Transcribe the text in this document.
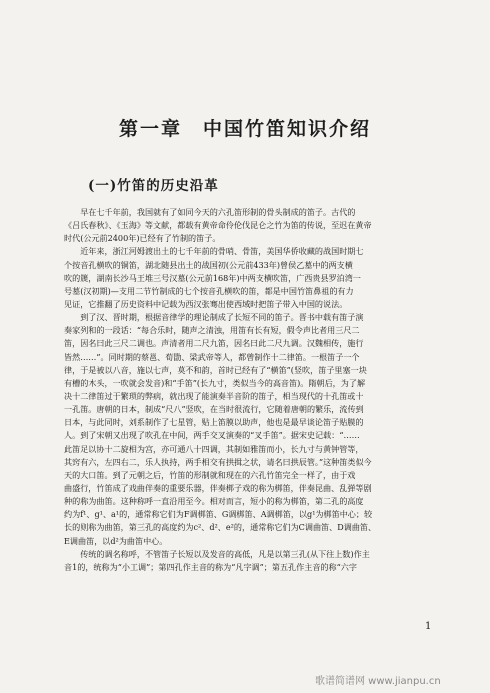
第一章　中国竹笛知识介绍
(一)竹笛的历史沿革
　　早在七千年前，我国就有了如同今天的六孔笛形制的骨头制成的笛子。古代的
《吕氏春秋》、《玉海》等文献，都载有黄帝命伶伦伐昆仑之竹为笛的传说，至迟在黄帝
时代(公元前2400年)已经有了竹制的笛子。
　　近年来，浙江河姆渡出土的七千年前的骨哨、骨笛，美国华侨收藏的战国时期七
个按音孔横吹的铜笛，湖北随县出土的战国初(公元前433年)曾侯乙墓中的两支横
吹的篪，湖南长沙马王堆三号汉墓(公元前168年)中两支横吹笛，广西贵县罗泊湾一
号墓(汉初期)—支用二节竹制成的七个按音孔横吹的笛，都是中国竹笛鼻祖的有力
见证，它推翻了历史资料中记载为西汉张骞出使西域时把笛子带入中国的说法。
　　到了汉、晋时期，根据音律学的理论制成了长短不同的笛子。晋书中载有笛子演
奏家列和的一段话：“每合乐时，随声之清浊，用笛有长有短，假令声比者用三尺二
笛，因名曰此三尺二调也。声清者用二尺九笛，因名曰此二尺九调。汉魏相传，施行
皆然……”。同时期的蔡邕、荀勖、梁武帝等人，都曾制作十二律笛。一根笛子一个
律，于是被以八音，施以七声，莫不和韵，首时已经有了“横笛”(竖吹，笛子里塞一块
有槽的木头，一吹就会发音)和“手笛”(长九寸，类似当今的高音笛)。隋朝后，为了解
决十二律笛过于繁琐的弊病，就出现了能演奏半音阶的笛子，相当现代的十孔笛或十
一孔笛。唐朝的日本，制成“尺八”竖吹，在当时很流行，它随着唐朝的繁乐，流传到
日本，与此同时，刘系制作了七星管，贴上笛膜以助声，他也是最早谈论笛子贴膜的
人。到了宋朝又出现了吹孔在中间，两手交叉演奏的“叉手笛”。据宋史记载：“……
此笛足以协十二旋相为宫，亦可通八十四调，其制如雅笛而小，长九寸与黄钟管等，
其窍有六，左四右二，乐人执持，两手相交有拱揖之状，请名曰拱辰管。”这种笛类似今
天的大口笛。到了元朝之后，竹笛的形制就和现在的六孔竹笛完全一样了，由于戏
曲盛行，竹笛成了戏曲伴奏的重要乐器，伴奏梆子戏的称为梆笛，伴奏昆曲、乱弹等剧
种的称为曲笛。这种称呼一直沿用至今。相对而言，短小的称为梆笛，第二孔的高度
约为f¹、g¹、a¹的，通常称它们为F调梆笛、G调梆笛、A调梆笛，以g¹为梆笛中心；较
长的则称为曲笛，第三孔的高度约为c²、d²、e²的，通常称它们为C调曲笛、D调曲笛、
E调曲笛，以d²为曲笛中心。
　　传统的调名称呼，不管笛子长短以及发音的高低，凡是以第三孔(从下往上数)作主
音1的，统称为“小工调”；第四孔作主音的称为“凡字调”；第五孔作主音的称“六字
1
歌谱简谱网 www.jianpu.cn
